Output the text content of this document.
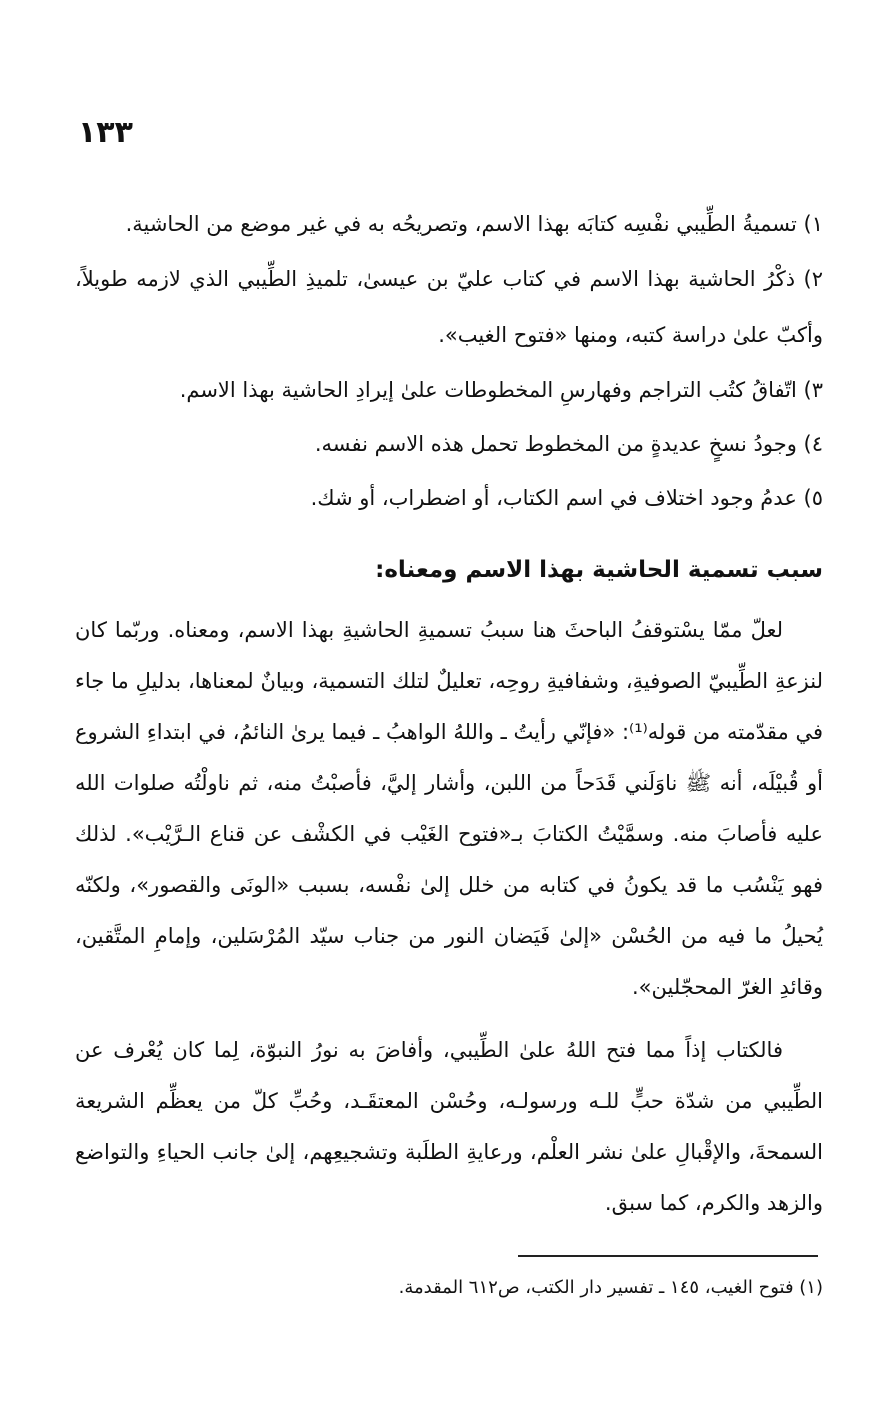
١٣٣

١) تسميةُ الطِّيبي نفْسِه كتابَه بهذا الاسم، وتصريحُه به في غير موضع من الحاشية.

٢) ذكْرُ الحاشية بهذا الاسم في كتاب عليّ بن عيسىٰ، تلميذِ الطِّيبي الذي لازمه طويلاً، وأكبّ علىٰ دراسة كتبه، ومنها «فتوح الغيب».

٣) اتّفاقُ كتُب التراجم وفهارسِ المخطوطات علىٰ إيرادِ الحاشية بهذا الاسم.

٤) وجودُ نسخٍ عديدةٍ من المخطوط تحمل هذه الاسم نفسه.

٥) عدمُ وجود اختلاف في اسم الكتاب، أو اضطراب، أو شك.

سبب تسمية الحاشية بهذا الاسم ومعناه:

لعلّ ممّا يسْتوقفُ الباحثَ هنا سببُ تسميةِ الحاشيةِ بهذا الاسم، ومعناه. وربّما كان لنزعةِ الطِّيبيّ الصوفيةِ، وشفافيةِ روحِه، تعليلٌ لتلك التسمية، وبيانٌ لمعناها، بدليلِ ما جاء في مقدّمته من قوله⁽¹⁾: «فإنّي رأيتُ ـ واللهُ الواهبُ ـ فيما يرىٰ النائمُ، في ابتداءِ الشروع أو قُبيْلَه، أنه ﷺ ناوَلَني قَدَحاً من اللبن، وأشار إليَّ، فأصبْتُ منه، ثم ناولْتُه صلوات الله عليه فأصابَ منه. وسمَّيْتُ الكتابَ بـ«فتوح الغَيْب في الكشْف عن قناع الـرَّيْب». لذلك فهو يَنْسُب ما قد يكونُ في كتابه من خلل إلىٰ نفْسه، بسبب «الونَى والقصور»، ولكنّه يُحيلُ ما فيه من الحُسْن «إلىٰ فَيَضان النور من جناب سيّد المُرْسَلين، وإمامِ المتَّقين، وقائدِ الغرّ المحجّلين».

فالكتاب إذاً مما فتح اللهُ علىٰ الطِّيبي، وأفاضَ به نورُ النبوّة، لِما كان يُعْرف عن الطِّيبي من شدّة حبٍّ للـه ورسولـه، وحُسْن المعتقَـد، وحُبِّ كلّ من يعظِّم الشريعة السمحةَ، والإقْبالِ علىٰ نشر العلْم، ورعايةِ الطلَبة وتشجيعِهم، إلىٰ جانب الحياءِ والتواضع والزهد والكرم، كما سبق.

(١) فتوح الغيب، ١٤٥ ـ تفسير دار الكتب، ص٦١٢ المقدمة.
